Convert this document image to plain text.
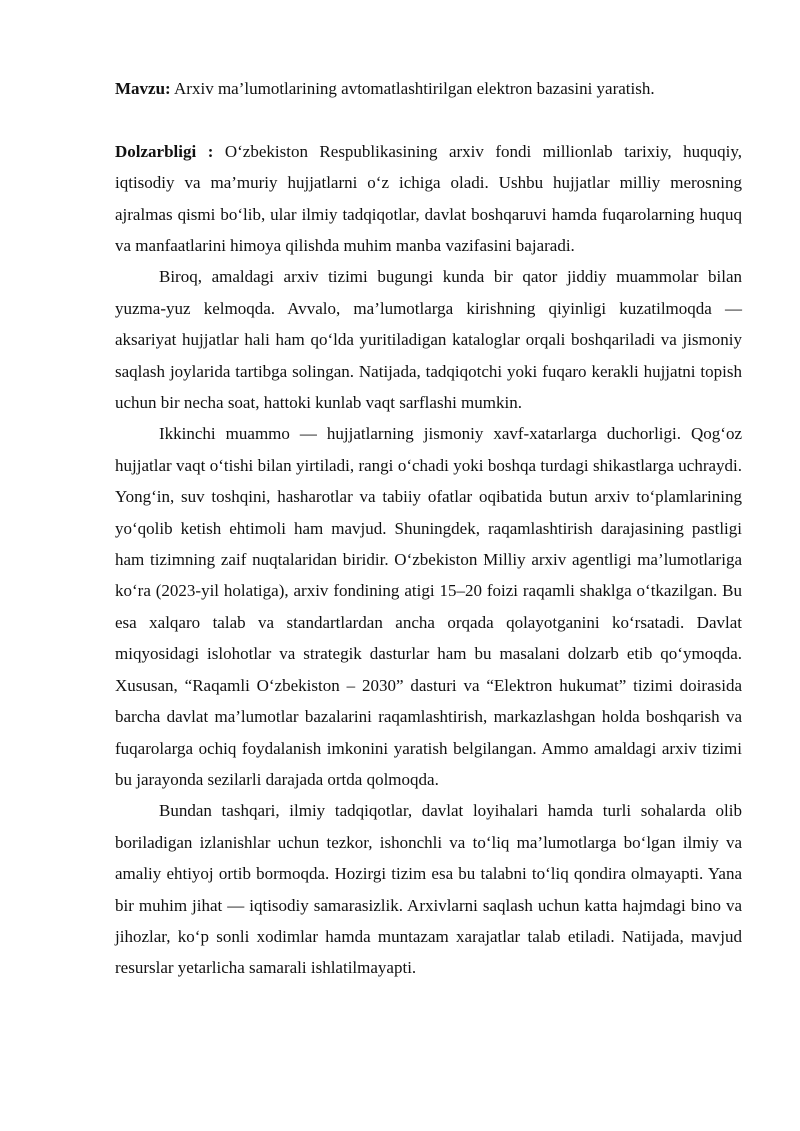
Mavzu: Arxiv ma’lumotlarining avtomatlashtirilgan elektron bazasini yaratish.

Dolzarbligi : O‘zbekiston Respublikasining arxiv fondi millionlab tarixiy, huquqiy, iqtisodiy va ma’muriy hujjatlarni o‘z ichiga oladi. Ushbu hujjatlar milliy merosning ajralmas qismi bo‘lib, ular ilmiy tadqiqotlar, davlat boshqaruvi hamda fuqarolarning huquq va manfaatlarini himoya qilishda muhim manba vazifasini bajaradi.

Biroq, amaldagi arxiv tizimi bugungi kunda bir qator jiddiy muammolar bilan yuzma-yuz kelmoqda. Avvalo, ma’lumotlarga kirishning qiyinligi kuzatilmoqda — aksariyat hujjatlar hali ham qo‘lda yuritiladigan kataloglar orqali boshqariladi va jismoniy saqlash joylarida tartibga solingan. Natijada, tadqiqotchi yoki fuqaro kerakli hujjatni topish uchun bir necha soat, hattoki kunlab vaqt sarflashi mumkin.

Ikkinchi muammo — hujjatlarning jismoniy xavf-xatarlarga duchorligi. Qog‘oz hujjatlar vaqt o‘tishi bilan yirtiladi, rangi o‘chadi yoki boshqa turdagi shikastlarga uchraydi. Yong‘in, suv toshqini, hasharotlar va tabiiy ofatlar oqibatida butun arxiv to‘plamlarining yo‘qolib ketish ehtimoli ham mavjud. Shuningdek, raqamlashtirish darajasining pastligi ham tizimning zaif nuqtalaridan biridir. O‘zbekiston Milliy arxiv agentligi ma’lumotlariga ko‘ra (2023-yil holatiga), arxiv fondining atigi 15–20 foizi raqamli shaklga o‘tkazilgan. Bu esa xalqaro talab va standartlardan ancha orqada qolayotganini ko‘rsatadi. Davlat miqyosidagi islohotlar va strategik dasturlar ham bu masalani dolzarb etib qo‘ymoqda. Xususan, “Raqamli O‘zbekiston – 2030” dasturi va “Elektron hukumat” tizimi doirasida barcha davlat ma’lumotlar bazalarini raqamlashtirish, markazlashgan holda boshqarish va fuqarolarga ochiq foydalanish imkonini yaratish belgilangan. Ammo amaldagi arxiv tizimi bu jarayonda sezilarli darajada ortda qolmoqda.

Bundan tashqari, ilmiy tadqiqotlar, davlat loyihalari hamda turli sohalarda olib boriladigan izlanishlar uchun tezkor, ishonchli va to‘liq ma’lumotlarga bo‘lgan ilmiy va amaliy ehtiyoj ortib bormoqda. Hozirgi tizim esa bu talabni to‘liq qondira olmayapti. Yana bir muhim jihat — iqtisodiy samarasizlik. Arxivlarni saqlash uchun katta hajmdagi bino va jihozlar, ko‘p sonli xodimlar hamda muntazam xarajatlar talab etiladi. Natijada, mavjud resurslar yetarlicha samarali ishlatilmayapti.
